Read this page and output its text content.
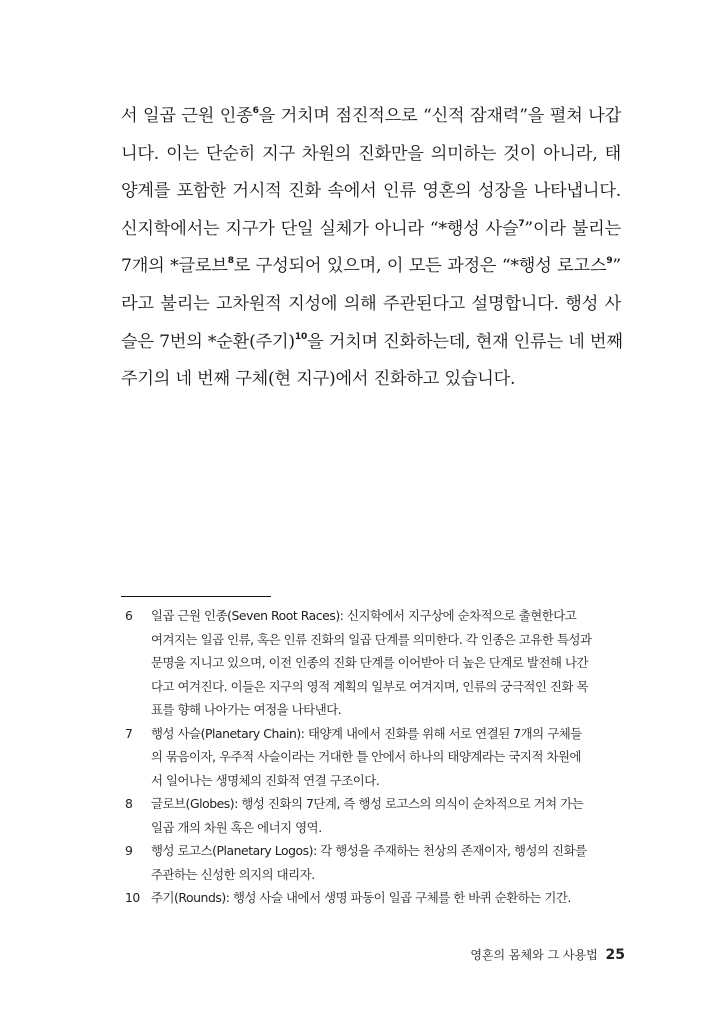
서 일곱 근원 인종$^6$을 거치며 점진적으로 “신적 잠재력”을 펼쳐 나갑
니다. 이는 단순히 지구 차원의 진화만을 의미하는 것이 아니라, 태
양계를 포함한 거시적 진화 속에서 인류 영혼의 성장을 나타냅니다.
신지학에서는 지구가 단일 실체가 아니라 “*행성 사슬$^7$”이라 불리는
7개의 *글로브$^8$로 구성되어 있으며, 이 모든 과정은 “*행성 로고스$^9$”
라고 불리는 고차원적 지성에 의해 주관된다고 설명합니다. 행성 사
슬은 7번의 *순환(주기)$^{10}$을 거치며 진화하는데, 현재 인류는 네 번째
주기의 네 번째 구체(현 지구)에서 진화하고 있습니다.
6 일곱 근원 인종(Seven Root Races): 신지학에서 지구상에 순차적으로 출현한다고
여겨지는 일곱 인류, 혹은 인류 진화의 일곱 단계를 의미한다. 각 인종은 고유한 특성과
문명을 지니고 있으며, 이전 인종의 진화 단계를 이어받아 더 높은 단계로 발전해 나간
다고 여겨진다. 이들은 지구의 영적 계획의 일부로 여겨지며, 인류의 궁극적인 진화 목
표를 향해 나아가는 여정을 나타낸다.
7 행성 사슬(Planetary Chain): 태양계 내에서 진화를 위해 서로 연결된 7개의 구체들
의 묶음이자, 우주적 사슬이라는 거대한 틀 안에서 하나의 태양계라는 국지적 차원에
서 일어나는 생명체의 진화적 연결 구조이다.
8 글로브(Globes): 행성 진화의 7단계, 즉 행성 로고스의 의식이 순차적으로 거쳐 가는
일곱 개의 차원 혹은 에너지 영역.
9 행성 로고스(Planetary Logos): 각 행성을 주재하는 천상의 존재이자, 행성의 진화를
주관하는 신성한 의지의 대리자.
10 주기(Rounds): 행성 사슬 내에서 생명 파동이 일곱 구체를 한 바퀴 순환하는 기간.
영혼의 몸체와 그 사용법 25
